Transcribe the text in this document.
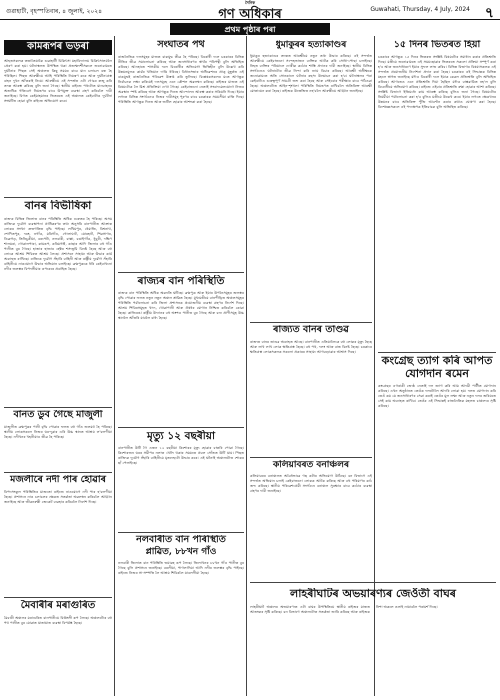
গুৱাহাটী, বৃহস্পতিবাৰ, ৪ জুলাই, ২০২৪
দৈনিক
গণ অধিকাৰ	Guwahati, Thursday, 4 July, 2024 ৭
প্ৰথম পৃষ্ঠাৰ পৰা
কামৰূপৰ ভড়ৰা
আহতসকলক ততাতৈয়াকৈ গুৱাহাটী চিকিৎসা মহাবিদ্যালয় চিকিৎসালয়লৈ প্ৰেৰণ কৰা হয়। ঘটনাস্থলত উপস্থিত থকা প্ৰত্যক্ষদৰ্শীসকলে জনোৱামতে দুৰ্ঘটনাৰ পিছত সেই অঞ্চলত কিছু সময়ৰ বাবে যান চলাচল বন্ধ হৈ পৰিছিল। পিছত আৰক্ষীয়ে আহি পৰিস্থিতি নিয়ন্ত্ৰণ কৰে আৰু দুৰ্ঘটনাগ্ৰস্ত বাহন দুখন আঁতৰাই নিয়ে। আৰক্ষীয়ে এই সন্দৰ্ভত এটা গোচৰ ৰুজু কৰি তদন্ত আৰম্ভ কৰিছে বুলি জনা গৈছে। স্থানীয় ৰাইজে পথটোত যানবাহনৰ অত্যধিক গতিবেগ নিয়ন্ত্ৰণৰ বাবে উপযুক্ত ব্যৱস্থা গ্ৰহণ কৰিবলৈ দাবী জনাইছে। বিগত কেইমাহমানৰ ভিতৰতে এই অঞ্চলত কেইবাটাও দুৰ্ঘটনা সংঘটিত হোৱা বুলি ৰাইজে অভিযোগ কৰে।
বানৰ বিভীষিকা
ৰাজ্যৰ বিভিন্ন জিলাত বানৰ পৰিস্থিতি অধিক গুৰুতৰ হৈ পৰিছে। অসম ৰাজ্যিক দুৰ্যোগ ব্যৱস্থাপনা প্ৰাধিকৰণৰ তথ্য অনুসৰি বানপানীত আক্ৰান্ত লোকৰ সংখ্যা দ্ৰুতগতিত বৃদ্ধি পাইছে। লখিমপুৰ, ধেমাজি, বিশ্বনাথ, শোণিতপুৰ, দৰং, নগাঁও, মৰিগাঁও, গোলাঘাট, যোৰহাট, শিৱসাগৰ, ডিব্ৰুগড়, তিনিচুকীয়া, বৰপেটা, নলবাৰী, বাক্সা, বঙাইগাঁও, ধুবুৰী, দক্ষিণ শালমৰা, গোৱালপাৰা, কামৰূপ, কৰিমগঞ্জ, কাছাৰ আদি জিলাৰ বহু গাঁও পানীত বুৰ গৈছে। হাজাৰ হাজাৰ হেক্টৰ শস্যভূমি বিনষ্ট হৈছে আৰু বহু লোকে আশ্ৰয় শিবিৰত আশ্ৰয় লৈছে। প্ৰশাসনে সাহায্য আৰু উদ্ধাৰ কাৰ্য অব্যাহত ৰাখিছে। ৰাজ্যিক দুৰ্যোগ সঁহাৰি বাহিনী আৰু ৰাষ্ট্ৰীয় দুৰ্যোগ সঁহাৰি বাহিনীয়ে নাওযোগে উদ্ধাৰ অভিযান চলাইছে। ব্ৰহ্মপুত্ৰকে ধৰি কেইবাখনো নদীৰ জলস্তৰ বিপদসীমাৰ ওপৰেৰে প্ৰবাহিত হৈছে।
বানত ডুব গৈছে মাজুলী
মাজুলীত ব্ৰহ্মপুত্ৰৰ পানী বৃদ্ধি পোৱাৰ ফলত বহু গাঁও জলমগ্ন হৈ পৰিছে। স্থানীয় লোকসকলে নিজৰ ঘৰ-দুৱাৰ এৰি উচ্চ স্থানত আশ্ৰয় ল'বলগীয়া হৈছে। নদীখনৰ খহনীয়াও তীব্ৰ হৈ পৰিছে।
মজলীৰে নদী পাৰ হোৱাৰ
বিপদসংকুল পৰিস্থিতিৰ মাজতো ৰাইজে নাওযোগে নদী পাৰ হ'বলগীয়া হৈছে। প্ৰশাসনে নাও চলাচলৰ ক্ষেত্ৰত সতৰ্কতা অৱলম্বন কৰিবলৈ আহ্বান জনাইছে আৰু জীৱনৰক্ষী জেকেট ব্যৱহাৰ কৰিবলৈ নিৰ্দেশ দিছে।
মৈবাৰীৰ মৰাগুৰিত
মৈবাৰী অঞ্চলৰ মৰাগুৰিত বানপানীয়ে বিধ্বংসী ৰূপ লৈছে। অঞ্চলটোৰ বহু পথ পানীত বুৰ যোৱাত যাতায়াত ব্যৱস্থা বিপৰ্যস্ত হৈছে।
সংঘাতৰ পথ
ৰাজনৈতিক দলসমূহৰ মাজত বাকযুদ্ধ তীব্ৰ হৈ পৰিছে। বিৰোধী দলে চৰকাৰৰ বিভিন্ন নীতিৰ তীব্ৰ সমালোচনা কৰিছে আৰু জনসাধাৰণৰ স্বাৰ্থৰ পৰিপন্থী বুলি অভিহিত কৰিছে। আনহাতে শাসকীয় দলে বিৰোধীৰ অভিযোগ ভিত্তিহীন বুলি উল্লেখ কৰি উন্নয়নমূলক কাৰ্যৰ খতিয়ান দাঙি ধৰিছে। বিধানসভাৰ অধিৱেশনৰ প্ৰাক্ মুহূৰ্তত এই বাকযুদ্ধই ৰাজনৈতিক পৰিৱেশ উত্তপ্ত কৰি তুলিছে। বিশ্লেষকসকলৰ মতে আগন্তুক নিৰ্বাচনক লক্ষ্য কৰিয়েই দলসমূহে এনে কৌশল অৱলম্বন কৰিছে। ৰাইজৰ মাজত এই বিষয়টোক লৈ মিশ্ৰ প্ৰতিক্ৰিয়া দেখা গৈছে। কেইবাজনো নেতাই সংবাদমেলযোগে নিজৰ অৱস্থান স্পষ্ট কৰিছে আৰু আগন্তুক দিনত আন্দোলন আৰম্ভ কৰাৰ সকিয়নি দিছে। ইয়াৰ লগতে বিভিন্ন সংগঠনেও নিজৰ দাবীসমূহ পূৰণৰ বাবে চৰকাৰক সময়সীমা বান্ধি দিছে। পৰিস্থিতি আগন্তুক দিনত আৰু জটিল হোৱাৰ আশংকা কৰা হৈছে।
ৰাজ্যৰ বান পৰিস্থিতি
ৰাজ্যৰ বান পৰিস্থিতি অধিক অৱনতি ঘটিছে। ব্ৰহ্মপুত্ৰ আৰু ইয়াৰ উপনৈসমূহৰ জলস্তৰ বৃদ্ধি পোৱাৰ ফলত নতুন নতুন অঞ্চল প্লাৱিত হৈছে। মুখ্যমন্ত্ৰীয়ে বানপীড়িত অঞ্চলসমূহৰ পৰিস্থিতি পৰ্যালোচনা কৰি জিলা প্ৰশাসনক প্ৰয়োজনীয় ব্যৱস্থা গ্ৰহণৰ নিৰ্দেশ দিছে। আশ্ৰয় শিবিৰসমূহত খাদ্য, খোৱাপানী আৰু ঔষধৰ যোগান নিশ্চিত কৰিবলৈ কোৱা হৈছে। কাজিৰঙা ৰাষ্ট্ৰীয় উদ্যানৰ বহু অংশও পানীত বুৰ গৈছে আৰু বন্য প্ৰাণীসমূহ উচ্চ স্থানলৈ আঁতৰি যাবলৈ বাধ্য হৈছে।
মৃত্যু ১২ বছৰীয়া
বানপানীত উটি গৈ এজন ১২ বছৰীয়া কিশোৰৰ মৃত্যু হোৱাৰ বাতৰি পোৱা গৈছে। কিশোৰজন ঘৰৰ সমীপৰ নলাত খেলি থকাৰ সময়তে প্ৰবল সোঁতত উটি যায়। পিছত ৰাজ্যিক দুৰ্যোগ সঁহাৰি বাহিনীয়ে মৃতদেহটো উদ্ধাৰ কৰে। এই ঘটনাই অঞ্চলটোত শোকৰ ছাঁ পেলাইছে।
নলবাৰীত বান পৰিস্থিতি
প্লাৱিত, ৮৮খন গাঁও
নলবাৰী জিলাত বান পৰিস্থিতি ভয়াৱহ ৰূপ লৈছে। জিলাখনৰ ৮৮খন গাঁও পানীত বুৰ গৈছে বুলি প্ৰশাসনে জনাইছে। বৰলীয়া, পাগলাদিয়া আদি নদীৰ জলস্তৰ বৃদ্ধি পাইছে। ৰাইজে নিজৰ সা-সম্পত্তি লৈ আশ্ৰয় শিবিৰলৈ যাবলগীয়া হৈছে।
ধুমাকুৰৰ হত্যাকাণ্ডৰ
ধুমাকুৰ হত্যাকাণ্ডৰ তদন্তত আৰক্ষীয়ে নতুন তথ্য উদ্ধাৰ কৰিছে। এই সন্দৰ্ভত আৰক্ষীয়ে কেইবাজনো সন্দেহভাজন ব্যক্তিক আটক কৰি সোধা-পোছা চলাইছে। নিহত ব্যক্তিৰ পৰিয়ালে দোষীক কঠোৰ শাস্তি প্ৰদানৰ দাবী জনাইছে। স্থানীয় বিভিন্ন সংগঠনেও ঘটনাটোৰ তীব্ৰ নিন্দা কৰি ন্যায় বিচাৰ কৰিছে। আৰক্ষী অধীক্ষকে জনোৱামতে অতি সোনকালে ঘটনাৰ ৰহস্য উন্মোচন কৰা হ'ব। ঘটনাস্থলৰ পৰা কেইবাটাও গুৰুত্বপূৰ্ণ সামগ্ৰী জব্দ কৰা হৈছে আৰু সেইবোৰ পৰীক্ষাৰ বাবে পঠিওৱা হৈছে। অঞ্চলটোত আইন-শৃংখলা পৰিস্থিতি নিয়ন্ত্ৰণত ৰাখিবলৈ অতিৰিক্ত আৰক্ষী মোতায়েন কৰা হৈছে। ৰাইজক উত্তেজিত নহ'বলৈ আৰক্ষীয়ে আহ্বান জনাইছে।
ৰাজ্যত বানৰ তাণ্ডৱ
ৰাজ্যত বানৰ তাণ্ডৱ অব্যাহত আছে। বানপানীত এতিয়ালৈকে বহু লোকৰ মৃত্যু হৈছে আৰু লাখ লাখ লোক ক্ষতিগ্ৰস্ত হৈছে। বহু পথ, দলং আৰু বান্ধ বিনষ্ট হৈছে। চৰকাৰে ক্ষতিগ্ৰস্ত লোকসকলক সকলো প্ৰকাৰৰ সাহায্য আগবঢ়োৱাৰ আশ্বাস দিছে।
কলিয়াবৰত বনাঞ্চলৰ
কলিয়াবৰৰ বনাঞ্চলত অবৈধভাৱে গছ কটাৰ অভিযোগ উঠিছে। বন বিভাগে এই সন্দৰ্ভত অভিযান চলাই কেইবাজনো লোকক আটক কৰিছে আৰু বহু পৰিমাণৰ কাঠ জব্দ কৰিছে। স্থানীয় পৰিৱেশপ্ৰেমী সংগঠনে বনাঞ্চল সুৰক্ষাৰ বাবে কঠোৰ ব্যৱস্থা গ্ৰহণৰ দাবী জনাইছে।
লাহৰীঘাটৰ অভয়াৰণ্যৰ জেওঁতী বাঘৰ
লাহৰীঘাট অঞ্চলৰ অভয়াৰণ্যত এটা বাঘৰ উপস্থিতিয়ে স্থানীয় ৰাইজৰ মাজত আতংকৰ সৃষ্টি কৰিছে। বন বিভাগে অঞ্চলটোত সতৰ্কতা জাৰি কৰিছে আৰু ৰাইজক নিশা অকলে ওলাই নাযাবলৈ পৰামৰ্শ দিছে।
১৫ দিনৰ ভিতৰত হিয়া
চৰকাৰে আগন্তুক ১৫ দিনৰ ভিতৰত সংশ্লিষ্ট বিষয়টোৰ সমাধান কৰাৰ প্ৰতিশ্ৰুতি দিছে। মন্ত্ৰীয়ে জনোৱামতে এই সময়ছোৱাৰ ভিতৰতে সকলো প্ৰক্ৰিয়া সম্পূৰ্ণ কৰা হ'ব আৰু জনসাধাৰণে ইয়াৰ সুফল লাভ কৰিব। বিভিন্ন বিভাগৰ বিষয়াসকলক এই সন্দৰ্ভত প্ৰয়োজনীয় নিৰ্দেশনা প্ৰদান কৰা হৈছে। চৰকাৰৰ এই সিদ্ধান্তক বিভিন্ন মহলে স্বাগত জনাইছে যদিও বিৰোধী দলে ইয়াক কেৱল প্ৰতিশ্ৰুতি বুলি অভিহিত কৰিছে। আগতেও এনে প্ৰতিশ্ৰুতি দিয়া হৈছিল যদিও বাস্তৱায়িত নহ'ল বুলি বিৰোধীয়ে অভিযোগ কৰিছে। ৰাইজে এইবাৰ প্ৰতিশ্ৰুতি ৰক্ষা হোৱাৰ আশা কৰিছে। সংশ্লিষ্ট বিভাগে ইতিমধ্যে কাম আৰম্ভ কৰিছে বুলিও জনা গৈছে। বিষয়টোৰ নিয়মীয়া পৰ্যালোচনা কৰা হ'ব বুলিও মন্ত্ৰীয়ে উল্লেখ কৰে। ইয়াৰ লগতে ক্ষেত্ৰখনৰ উন্নয়নৰ বাবে অতিৰিক্ত পুঁজি আবণ্টন কৰাৰ কথাও ঘোষণা কৰা হৈছে। বিশেষজ্ঞসকলে এই পদক্ষেপক ইতিবাচক বুলি অভিহিত কৰিছে।
কংগ্ৰেছ ত্যাগ কৰি আপত যোগদান ৰমেন
কংগ্ৰেছৰ এগৰাকী জ্যেষ্ঠ নেতাই দল ত্যাগ কৰি আম আদমী পাৰ্টীত যোগদান কৰিছে। এখন অনুষ্ঠানত তেওঁক দলটোলৈ আদৰি লোৱা হয়। দলত যোগদান কৰি তেওঁ কয় যে জনসাধাৰণৰ সেৱা কৰাই তেওঁৰ মূল লক্ষ্য আৰু নতুন দলৰ জৰিয়তে সেই কাম অব্যাহত ৰাখিব। তেওঁৰ এই সিদ্ধান্তই ৰাজনৈতিক মহলত চাঞ্চল্যৰ সৃষ্টি কৰিছে।
